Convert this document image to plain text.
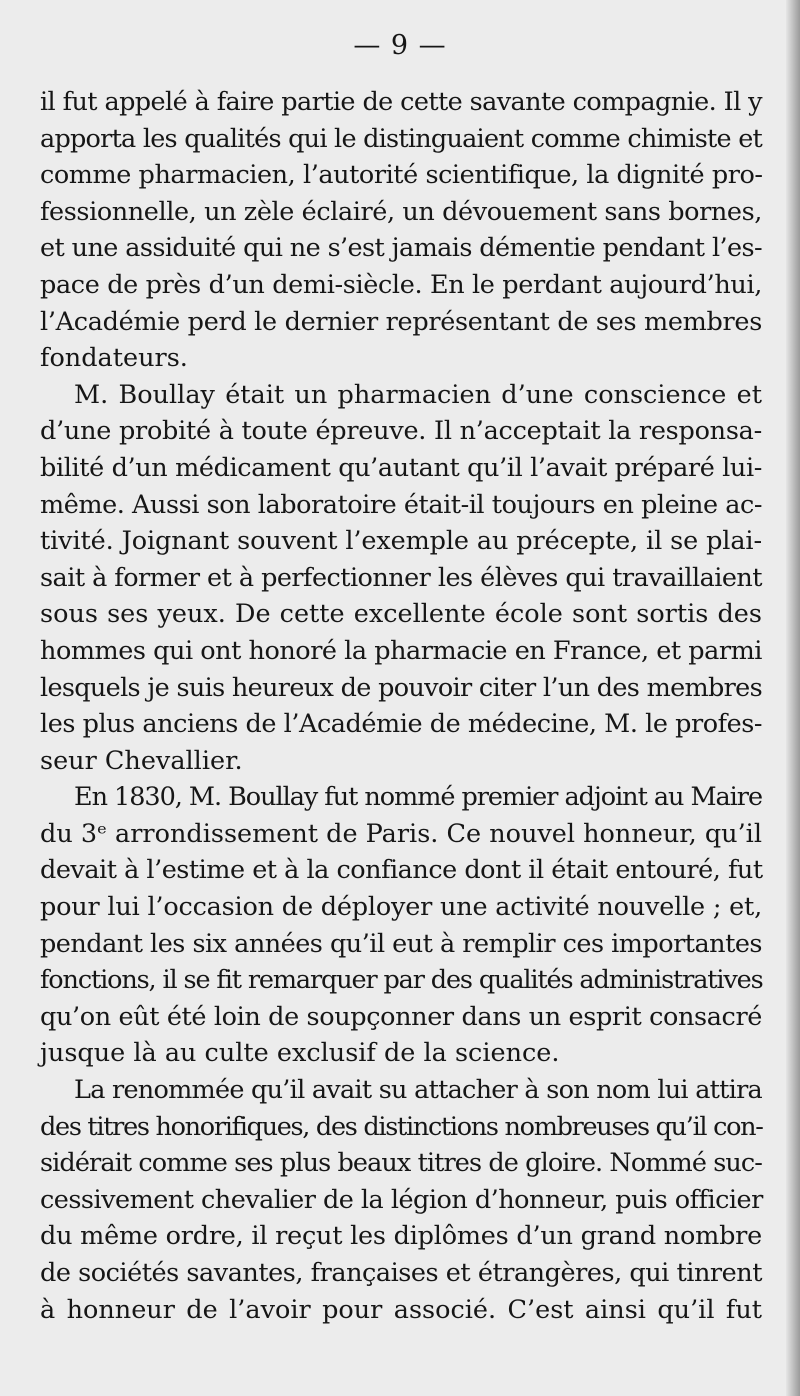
— 9 —
il fut appelé à faire partie de cette savante compagnie. Il y
apporta les qualités qui le distinguaient comme chimiste et
comme pharmacien, l’autorité scientifique, la dignité pro-
fessionnelle, un zèle éclairé, un dévouement sans bornes,
et une assiduité qui ne s’est jamais démentie pendant l’es-
pace de près d’un demi-siècle. En le perdant aujourd’hui,
l’Académie perd le dernier représentant de ses membres
fondateurs.
M. Boullay était un pharmacien d’une conscience et
d’une probité à toute épreuve. Il n’acceptait la responsa-
bilité d’un médicament qu’autant qu’il l’avait préparé lui-
même. Aussi son laboratoire était-il toujours en pleine ac-
tivité. Joignant souvent l’exemple au précepte, il se plai-
sait à former et à perfectionner les élèves qui travaillaient
sous ses yeux. De cette excellente école sont sortis des
hommes qui ont honoré la pharmacie en France, et parmi
lesquels je suis heureux de pouvoir citer l’un des membres
les plus anciens de l’Académie de médecine, M. le profes-
seur Chevallier.
En 1830, M. Boullay fut nommé premier adjoint au Maire
du 3ᵉ arrondissement de Paris. Ce nouvel honneur, qu’il
devait à l’estime et à la confiance dont il était entouré, fut
pour lui l’occasion de déployer une activité nouvelle ; et,
pendant les six années qu’il eut à remplir ces importantes
fonctions, il se fit remarquer par des qualités administratives
qu’on eût été loin de soupçonner dans un esprit consacré
jusque là au culte exclusif de la science.
La renommée qu’il avait su attacher à son nom lui attira
des titres honorifiques, des distinctions nombreuses qu’il con-
sidérait comme ses plus beaux titres de gloire. Nommé suc-
cessivement chevalier de la légion d’honneur, puis officier
du même ordre, il reçut les diplômes d’un grand nombre
de sociétés savantes, françaises et étrangères, qui tinrent
à honneur de l’avoir pour associé. C’est ainsi qu’il fut
